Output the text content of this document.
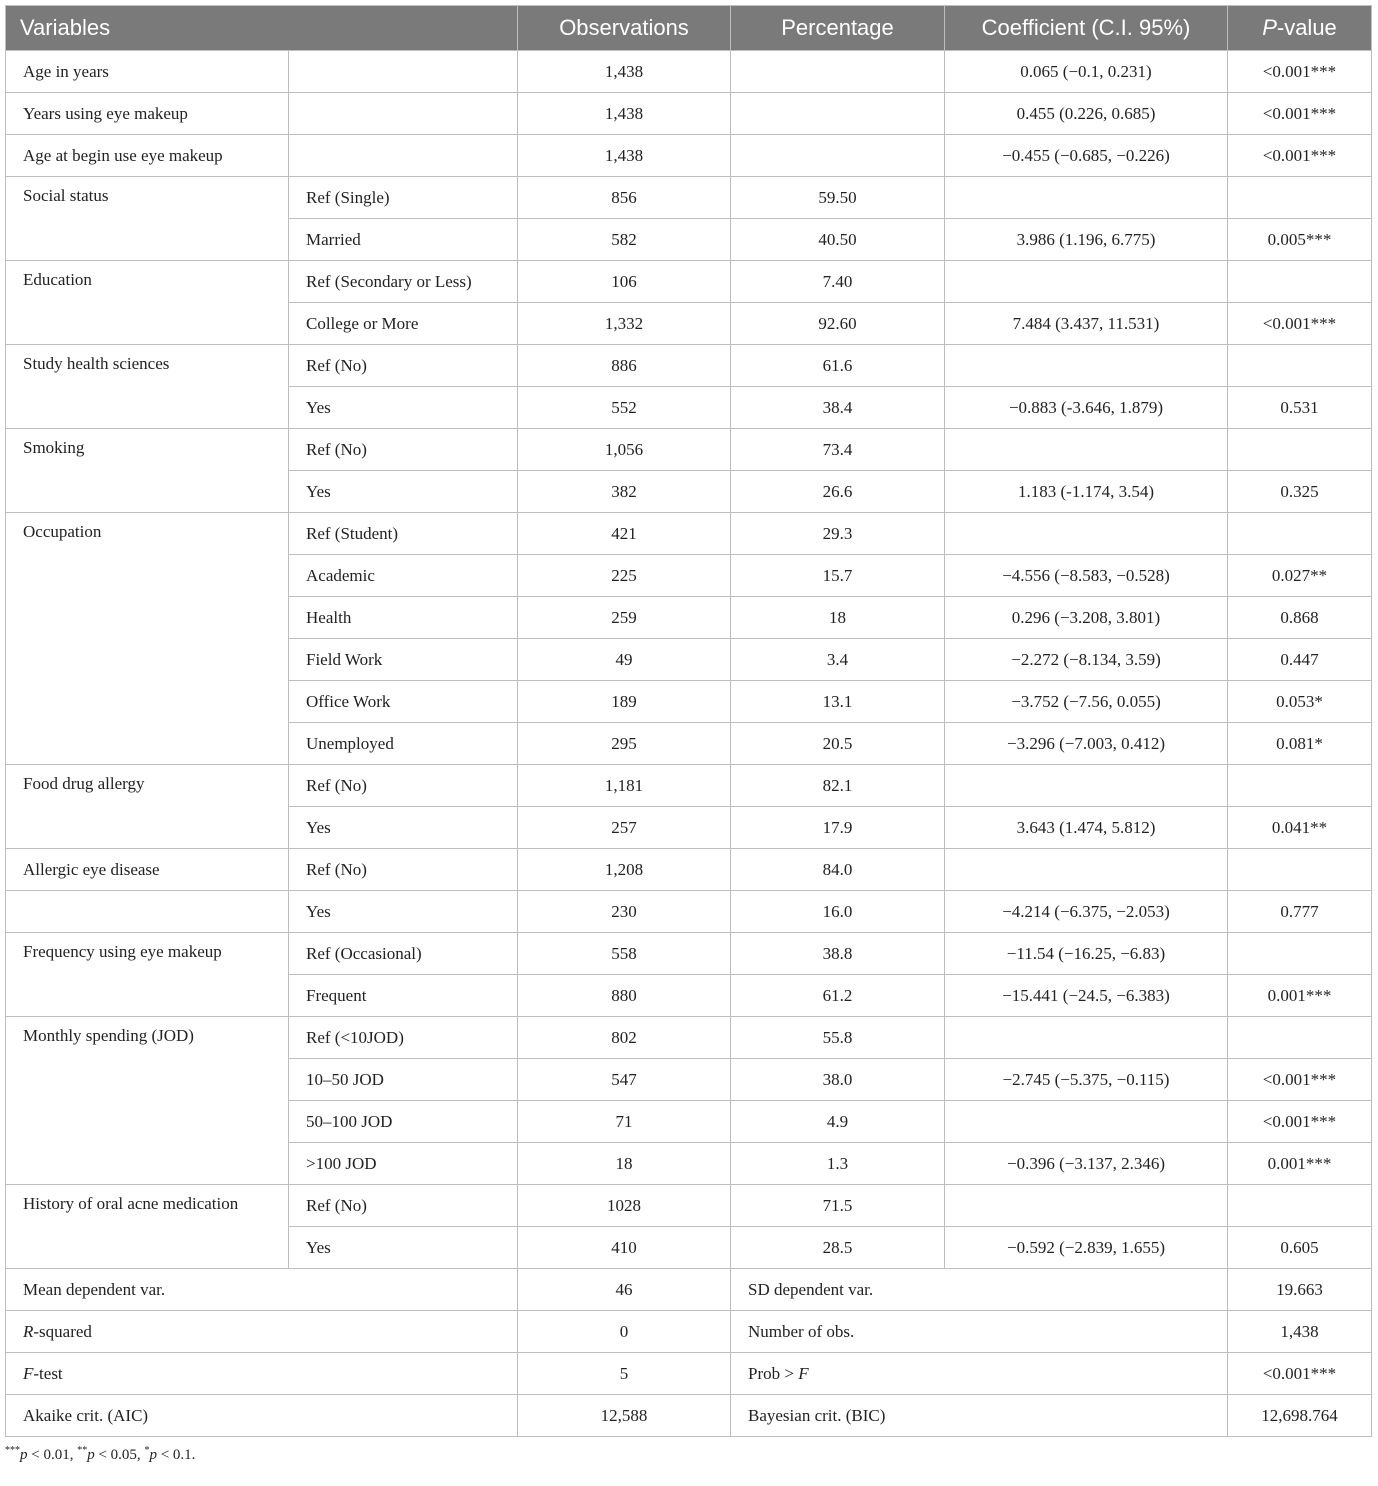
Variables		Observations	Percentage	Coefficient (C.I. 95%)	P-value
Age in years		1,438		0.065 (−0.1, 0.231)	<0.001***
Years using eye makeup		1,438		0.455 (0.226, 0.685)	<0.001***
Age at begin use eye makeup		1,438		−0.455 (−0.685, −0.226)	<0.001***
Social status	Ref (Single)	856	59.50		
	Married	582	40.50	3.986 (1.196, 6.775)	0.005***
Education	Ref (Secondary or Less)	106	7.40		
	College or More	1,332	92.60	7.484 (3.437, 11.531)	<0.001***
Study health sciences	Ref (No)	886	61.6		
	Yes	552	38.4	−0.883 (-3.646, 1.879)	0.531
Smoking	Ref (No)	1,056	73.4		
	Yes	382	26.6	1.183 (-1.174, 3.54)	0.325
Occupation	Ref (Student)	421	29.3		
	Academic	225	15.7	−4.556 (−8.583, −0.528)	0.027**
	Health	259	18	0.296 (−3.208, 3.801)	0.868
	Field Work	49	3.4	−2.272 (−8.134, 3.59)	0.447
	Office Work	189	13.1	−3.752 (−7.56, 0.055)	0.053*
	Unemployed	295	20.5	−3.296 (−7.003, 0.412)	0.081*
Food drug allergy	Ref (No)	1,181	82.1		
	Yes	257	17.9	3.643 (1.474, 5.812)	0.041**
Allergic eye disease	Ref (No)	1,208	84.0		
	Yes	230	16.0	−4.214 (−6.375, −2.053)	0.777
Frequency using eye makeup	Ref (Occasional)	558	38.8	−11.54 (−16.25, −6.83)	
	Frequent	880	61.2	−15.441 (−24.5, −6.383)	0.001***
Monthly spending (JOD)	Ref (<10JOD)	802	55.8		
	10–50 JOD	547	38.0	−2.745 (−5.375, −0.115)	<0.001***
	50–100 JOD	71	4.9		<0.001***
	>100 JOD	18	1.3	−0.396 (−3.137, 2.346)	0.001***
History of oral acne medication	Ref (No)	1028	71.5		
	Yes	410	28.5	−0.592 (−2.839, 1.655)	0.605
Mean dependent var.		46	SD dependent var.		19.663
R-squared		0	Number of obs.		1,438
F-test		5	Prob > F		<0.001***
Akaike crit. (AIC)		12,588	Bayesian crit. (BIC)		12,698.764
***p < 0.01, **p < 0.05, *p < 0.1.
